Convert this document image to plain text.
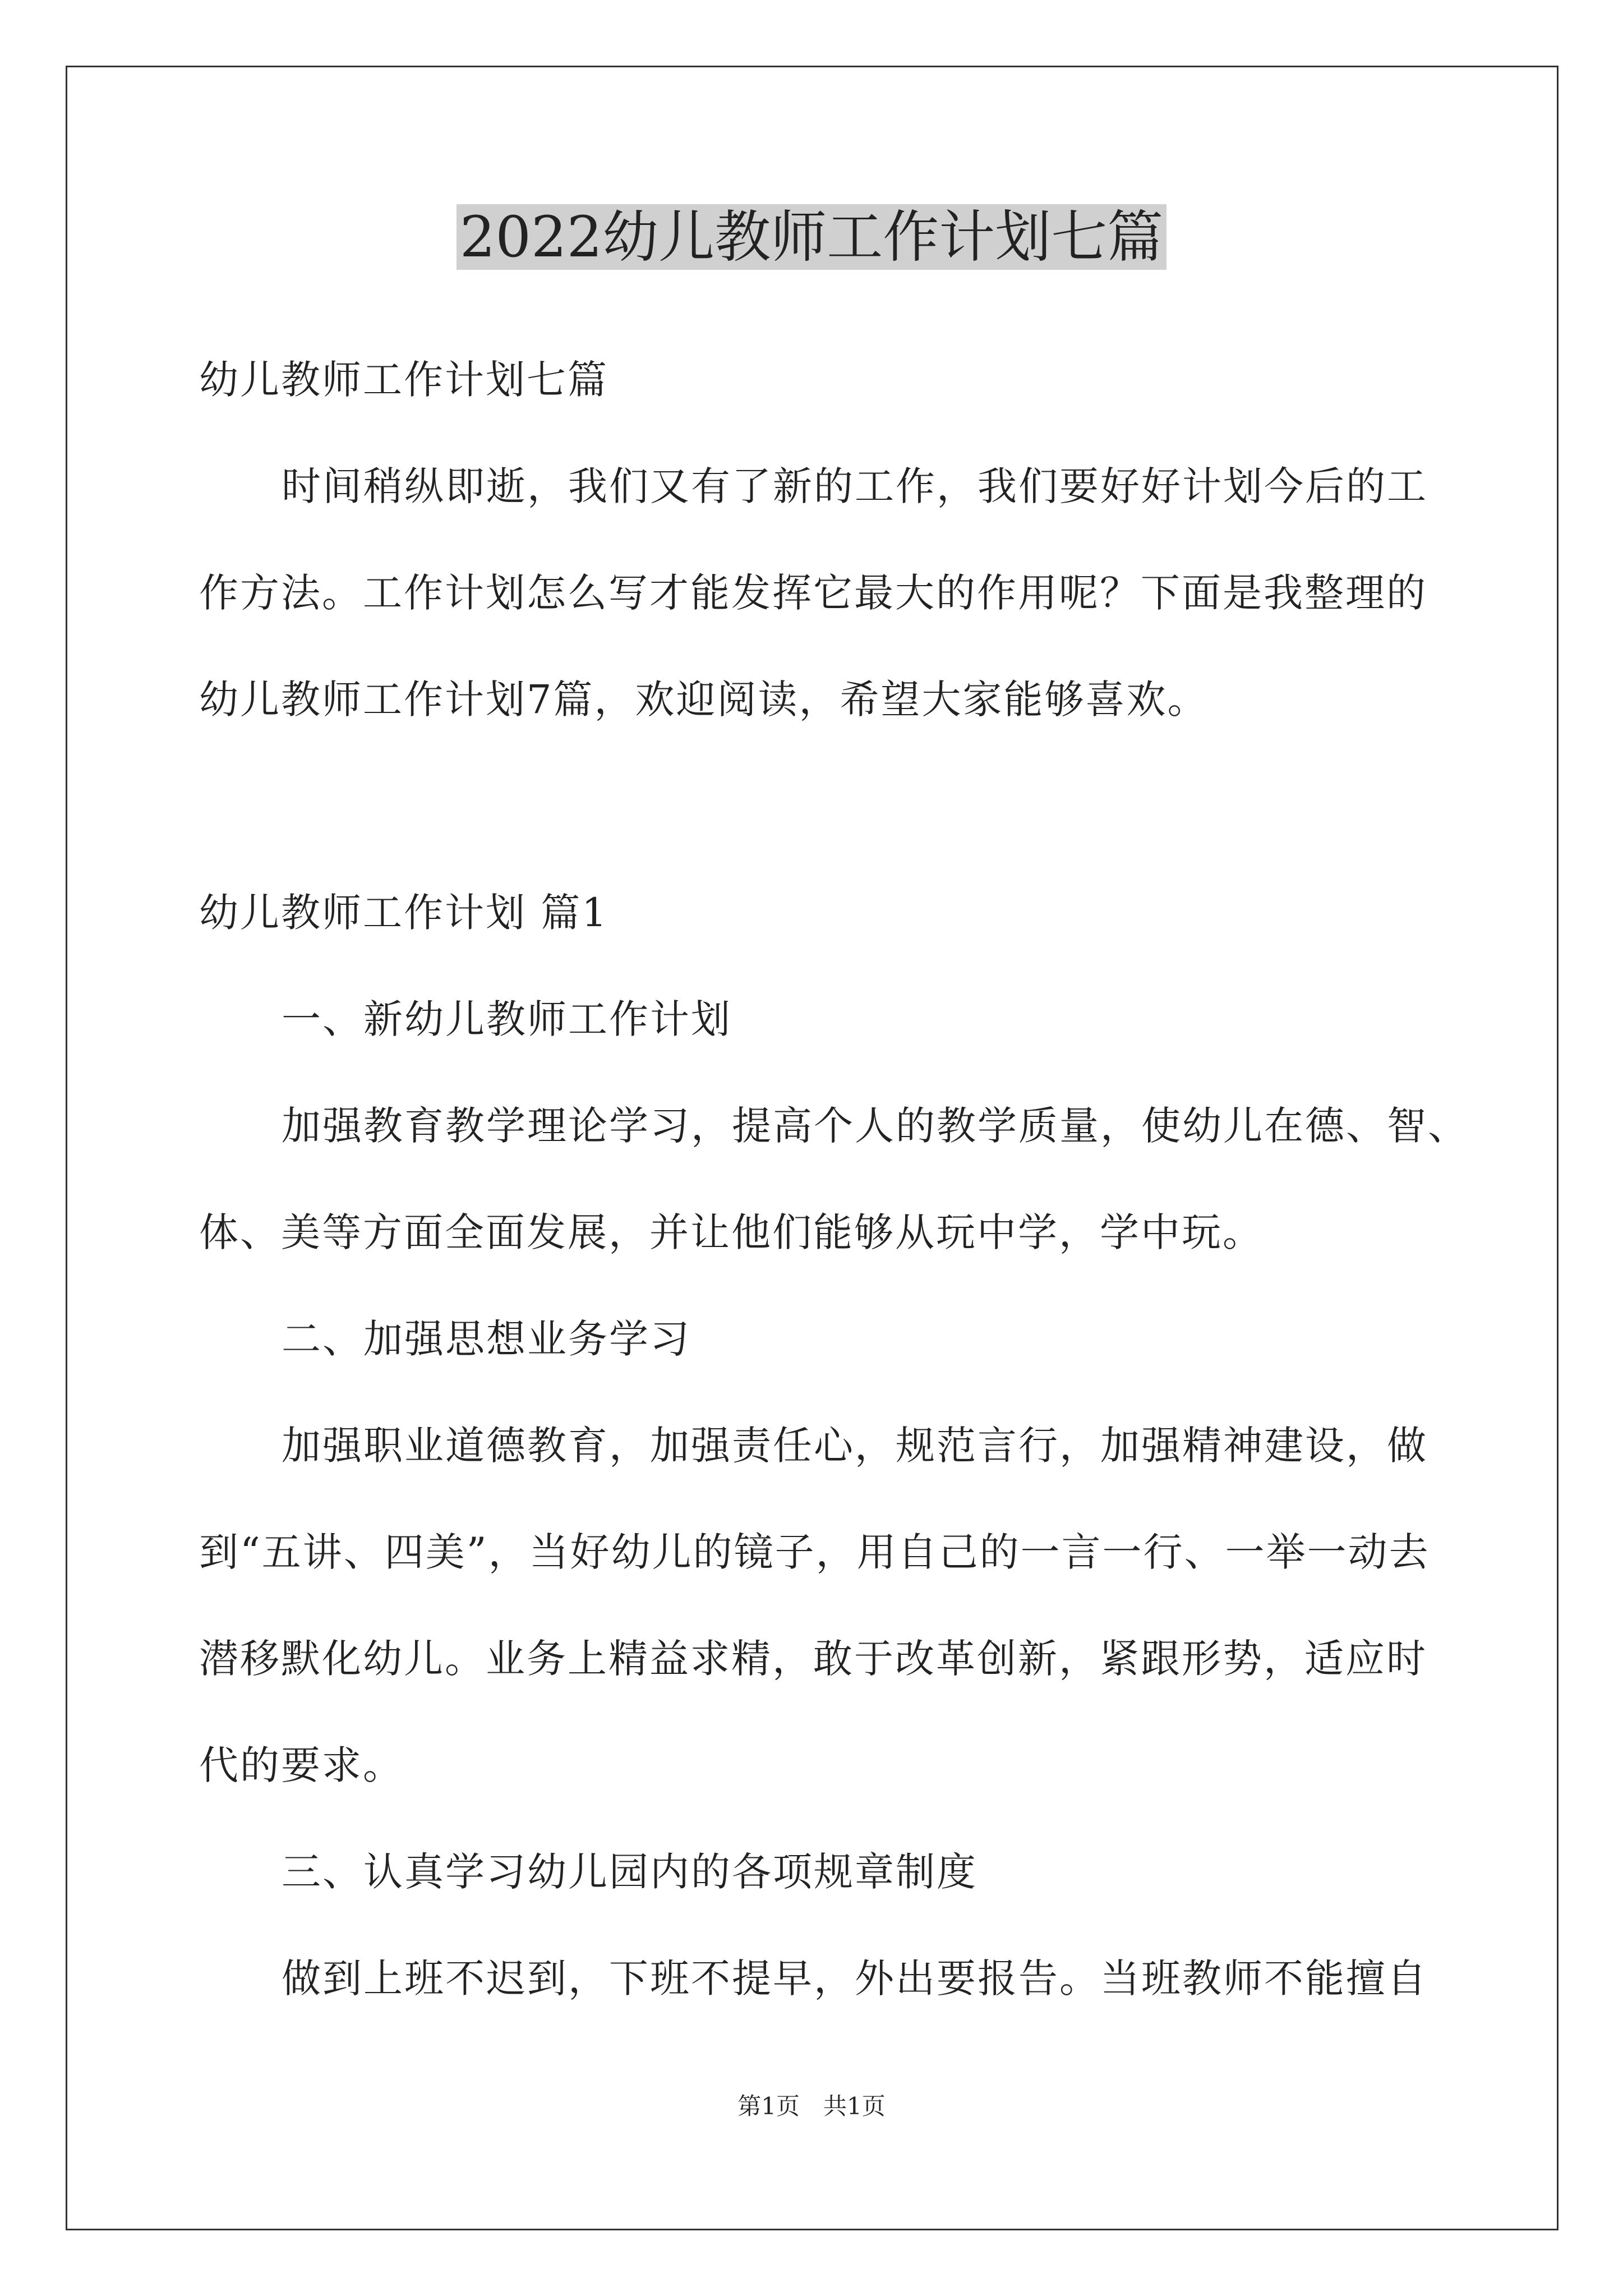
2022幼儿教师工作计划七篇
幼儿教师工作计划七篇
时间稍纵即逝，我们又有了新的工作，我们要好好计划今后的工
作方法。工作计划怎么写才能发挥它最大的作用呢？下面是我整理的
幼儿教师工作计划7篇，欢迎阅读，希望大家能够喜欢。
幼儿教师工作计划 篇1
一、新幼儿教师工作计划
加强教育教学理论学习，提高个人的教学质量，使幼儿在德、智、
体、美等方面全面发展，并让他们能够从玩中学，学中玩。
二、加强思想业务学习
加强职业道德教育，加强责任心，规范言行，加强精神建设，做
到“五讲、四美”，当好幼儿的镜子，用自己的一言一行、一举一动去
潜移默化幼儿。业务上精益求精，敢于改革创新，紧跟形势，适应时
代的要求。
三、认真学习幼儿园内的各项规章制度
做到上班不迟到，下班不提早，外出要报告。当班教师不能擅自
第1页　共1页
